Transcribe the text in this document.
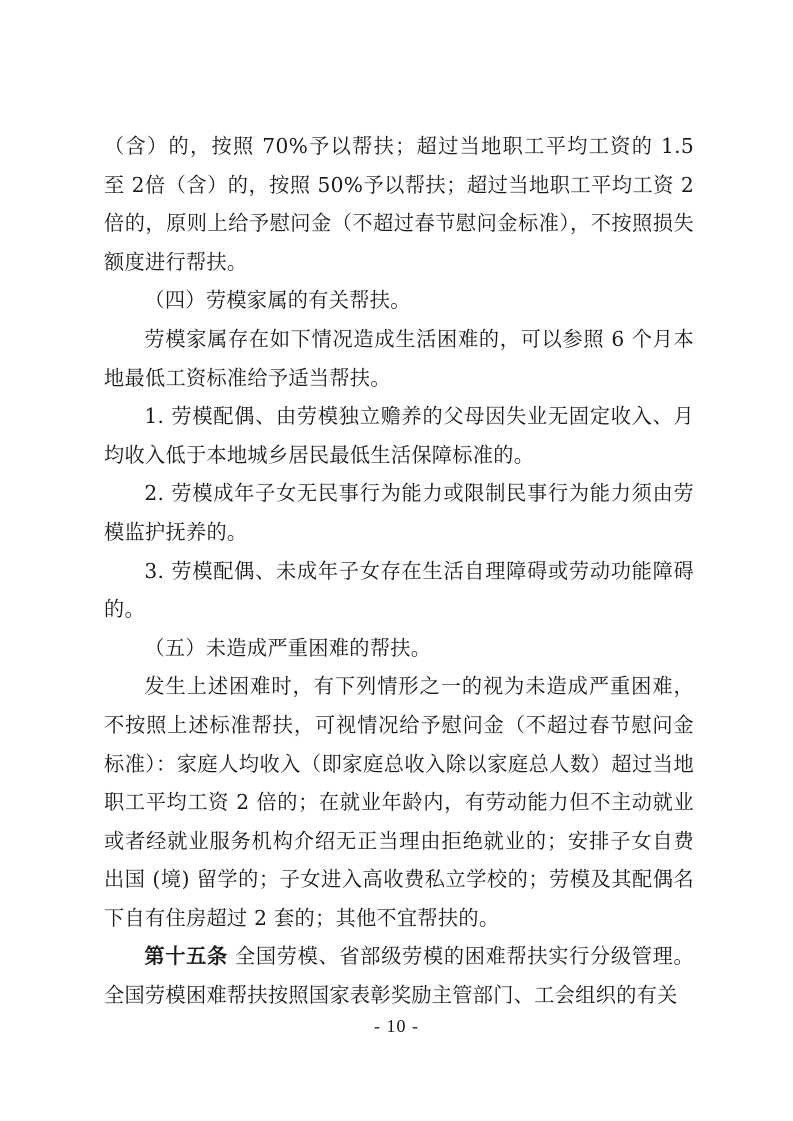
（含）的，按照 70%予以帮扶；超过当地职工平均工资的 1.5 至 2倍（含）的，按照 50%予以帮扶；超过当地职工平均工资 2 倍的，原则上给予慰问金（不超过春节慰问金标准），不按照损失额度进行帮扶。

（四）劳模家属的有关帮扶。

劳模家属存在如下情况造成生活困难的，可以参照 6 个月本地最低工资标准给予适当帮扶。

1. 劳模配偶、由劳模独立赡养的父母因失业无固定收入、月均收入低于本地城乡居民最低生活保障标准的。

2. 劳模成年子女无民事行为能力或限制民事行为能力须由劳模监护抚养的。

3. 劳模配偶、未成年子女存在生活自理障碍或劳动功能障碍的。

（五）未造成严重困难的帮扶。

发生上述困难时，有下列情形之一的视为未造成严重困难，不按照上述标准帮扶，可视情况给予慰问金（不超过春节慰问金标准）：家庭人均收入（即家庭总收入除以家庭总人数）超过当地职工平均工资 2 倍的；在就业年龄内，有劳动能力但不主动就业或者经就业服务机构介绍无正当理由拒绝就业的；安排子女自费出国 (境) 留学的；子女进入高收费私立学校的；劳模及其配偶名下自有住房超过 2 套的；其他不宜帮扶的。

第十五条 全国劳模、省部级劳模的困难帮扶实行分级管理。全国劳模困难帮扶按照国家表彰奖励主管部门、工会组织的有关

- 10 -
